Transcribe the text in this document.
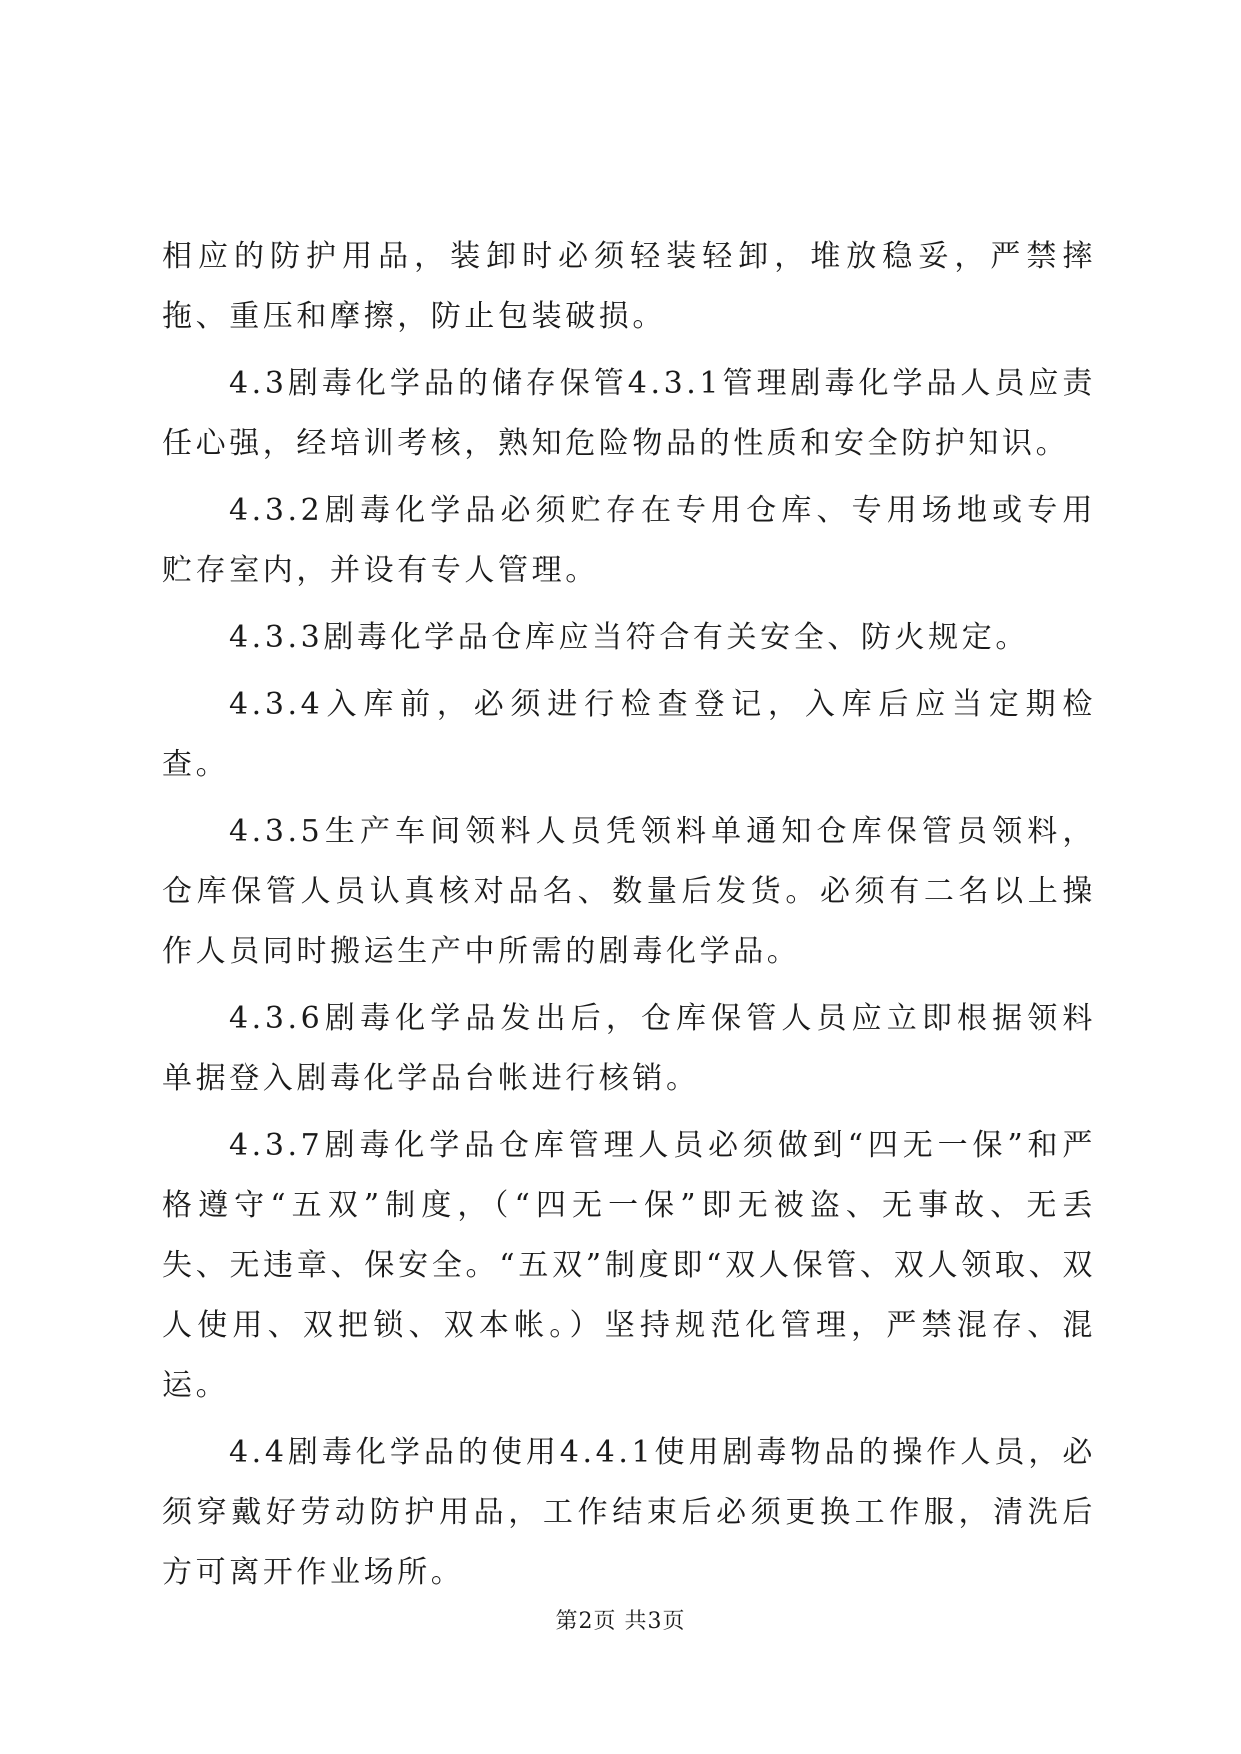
相应的防护用品，装卸时必须轻装轻卸，堆放稳妥，严禁摔拖、重压和摩擦，防止包装破损。

4.3剧毒化学品的储存保管4.3.1管理剧毒化学品人员应责任心强，经培训考核，熟知危险物品的性质和安全防护知识。

4.3.2剧毒化学品必须贮存在专用仓库、专用场地或专用贮存室内，并设有专人管理。

4.3.3剧毒化学品仓库应当符合有关安全、防火规定。

4.3.4入库前，必须进行检查登记，入库后应当定期检查。

4.3.5生产车间领料人员凭领料单通知仓库保管员领料，仓库保管人员认真核对品名、数量后发货。必须有二名以上操作人员同时搬运生产中所需的剧毒化学品。

4.3.6剧毒化学品发出后，仓库保管人员应立即根据领料单据登入剧毒化学品台帐进行核销。

4.3.7剧毒化学品仓库管理人员必须做到“四无一保”和严格遵守“五双”制度，（“四无一保”即无被盗、无事故、无丢失、无违章、保安全。“五双”制度即“双人保管、双人领取、双人使用、双把锁、双本帐。）坚持规范化管理，严禁混存、混运。

4.4剧毒化学品的使用4.4.1使用剧毒物品的操作人员，必须穿戴好劳动防护用品，工作结束后必须更换工作服，清洗后方可离开作业场所。

第2页 共3页
